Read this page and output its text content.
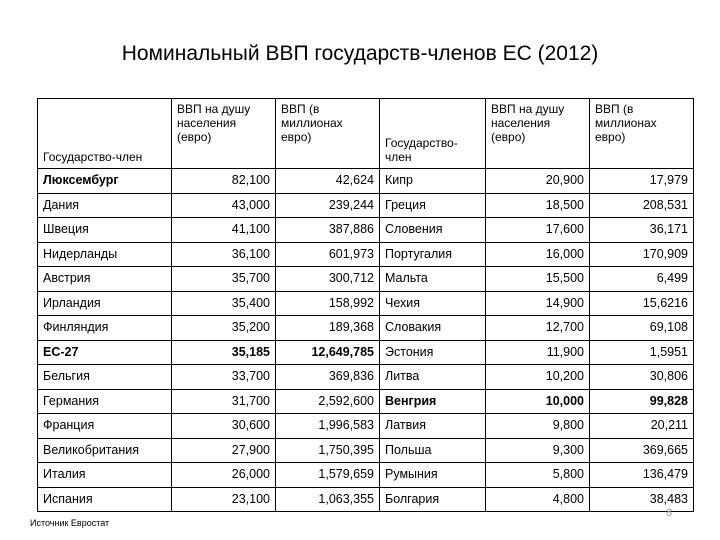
Номинальный ВВП государств-членов ЕС (2012)
Государство-член	ВВП на душу населения (евро)	ВВП (в миллионах евро)	Государство-член	ВВП на душу населения (евро)	ВВП (в миллионах евро)
Люксембург	82,100	42,624	Кипр	20,900	17,979
Дания	43,000	239,244	Греция	18,500	208,531
Швеция	41,100	387,886	Словения	17,600	36,171
Нидерланды	36,100	601,973	Португалия	16,000	170,909
Австрия	35,700	300,712	Мальта	15,500	6,499
Ирландия	35,400	158,992	Чехия	14,900	15,6216
Финляндия	35,200	189,368	Словакия	12,700	69,108
ЕС-27	35,185	12,649,785	Эстония	11,900	1,5951
Бельгия	33,700	369,836	Литва	10,200	30,806
Германия	31,700	2,592,600	Венгрия	10,000	99,828
Франция	30,600	1,996,583	Латвия	9,800	20,211
Великобритания	27,900	1,750,395	Польша	9,300	369,665
Италия	26,000	1,579,659	Румыния	5,800	136,479
Испания	23,100	1,063,355	Болгария	4,800	38,483
Источник Евростат
8
